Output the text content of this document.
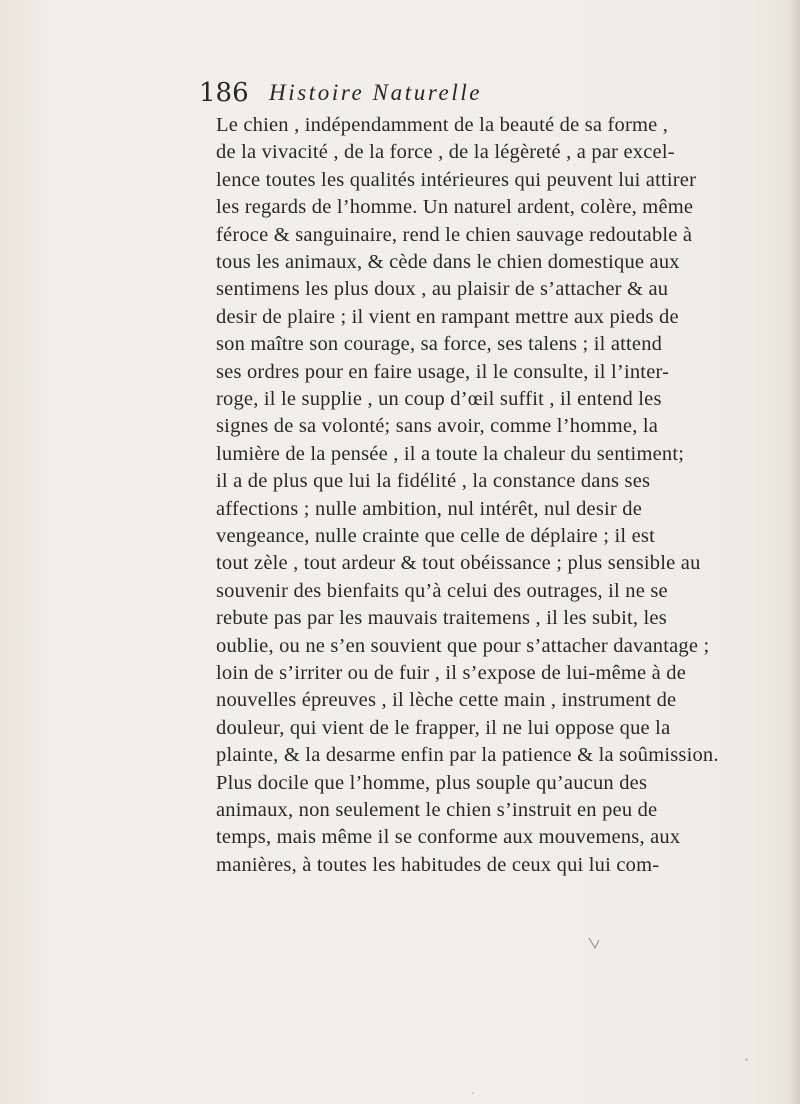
186 Histoire Naturelle
Le chien , indépendamment de la beauté de sa forme ,
de la vivacité , de la force , de la légèreté , a par excel-
lence toutes les qualités intérieures qui peuvent lui attirer
les regards de l’homme. Un naturel ardent, colère, même
féroce & sanguinaire, rend le chien sauvage redoutable à
tous les animaux, & cède dans le chien domestique aux
sentimens les plus doux , au plaisir de s’attacher & au
desir de plaire ; il vient en rampant mettre aux pieds de
son maître son courage, sa force, ses talens ; il attend
ses ordres pour en faire usage, il le consulte, il l’inter-
roge, il le supplie , un coup d’œil suffit , il entend les
signes de sa volonté; sans avoir, comme l’homme, la
lumière de la pensée , il a toute la chaleur du sentiment;
il a de plus que lui la fidélité , la constance dans ses
affections ; nulle ambition, nul intérêt, nul desir de
vengeance, nulle crainte que celle de déplaire ; il est
tout zèle , tout ardeur & tout obéissance ; plus sensible au
souvenir des bienfaits qu’à celui des outrages, il ne se
rebute pas par les mauvais traitemens , il les subit, les
oublie, ou ne s’en souvient que pour s’attacher davantage ;
loin de s’irriter ou de fuir , il s’expose de lui-même à de
nouvelles épreuves , il lèche cette main , instrument de
douleur, qui vient de le frapper, il ne lui oppose que la
plainte, & la desarme enfin par la patience & la soûmission.
Plus docile que l’homme, plus souple qu’aucun des
animaux, non seulement le chien s’instruit en peu de
temps, mais même il se conforme aux mouvemens, aux
manières, à toutes les habitudes de ceux qui lui com-
